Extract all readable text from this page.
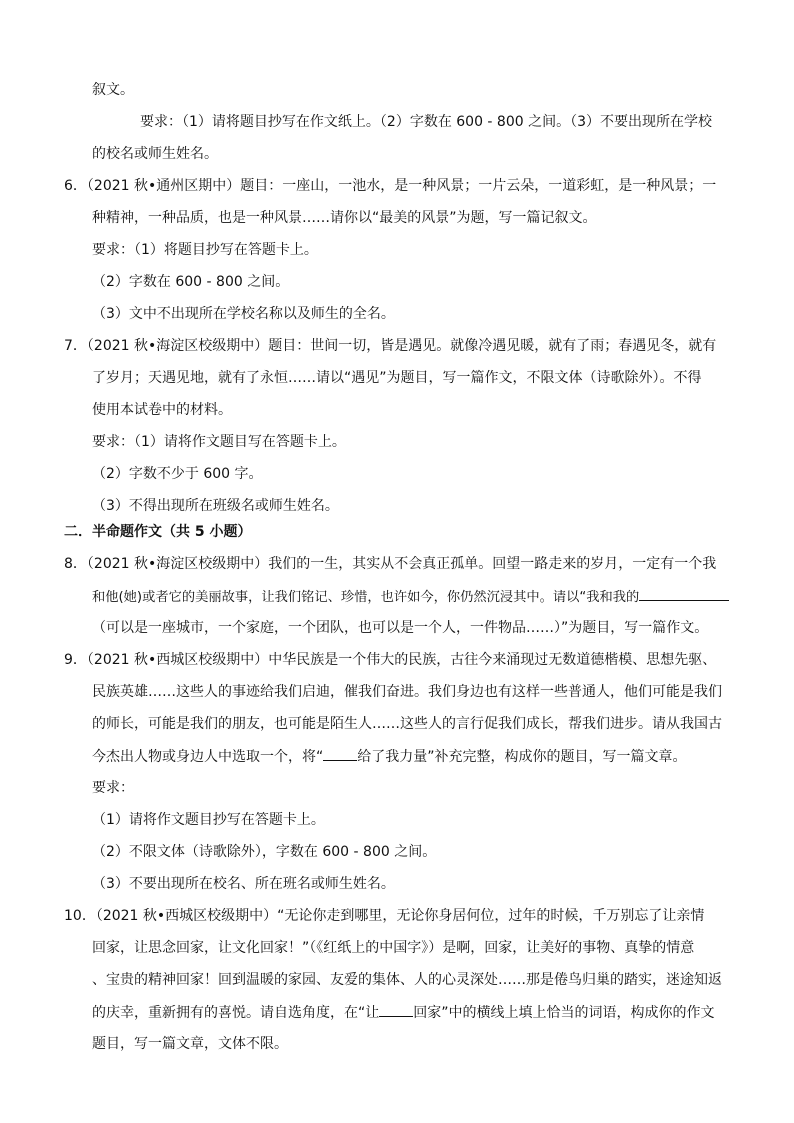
叙文。
要求：（1）请将题目抄写在作文纸上。（2）字数在 600 - 800 之间。（3）不要出现所在学校
的校名或师生姓名。
6．（2021 秋•通州区期中）题目：一座山，一池水，是一种风景；一片云朵，一道彩虹，是一种风景；一
种精神，一种品质，也是一种风景……请你以“最美的风景”为题，写一篇记叙文。
要求：（1）将题目抄写在答题卡上。
（2）字数在 600 - 800 之间。
（3）文中不出现所在学校名称以及师生的全名。
7．（2021 秋•海淀区校级期中）题目：世间一切，皆是遇见。就像冷遇见暖，就有了雨；春遇见冬，就有
了岁月；天遇见地，就有了永恒……请以“遇见”为题目，写一篇作文，不限文体（诗歌除外）。不得
使用本试卷中的材料。
要求：（1）请将作文题目写在答题卡上。
（2）字数不少于 600 字。
（3）不得出现所在班级名或师生姓名。
二．半命题作文（共 5 小题）
8．（2021 秋•海淀区校级期中）我们的一生，其实从不会真正孤单。回望一路走来的岁月，一定有一个我
和他(她)或者它的美丽故事，让我们铭记、珍惜，也许如今，你仍然沉浸其中。请以“我和我的
（可以是一座城市，一个家庭，一个团队，也可以是一个人，一件物品……）”为题目，写一篇作文。
9．（2021 秋•西城区校级期中）中华民族是一个伟大的民族，古往今来涌现过无数道德楷模、思想先驱、
民族英雄……这些人的事迹给我们启迪，催我们奋进。我们身边也有这样一些普通人，他们可能是我们
的师长，可能是我们的朋友，也可能是陌生人……这些人的言行促我们成长，帮我们进步。请从我国古
今杰出人物或身边人中选取一个，将“ 给了我力量”补充完整，构成你的题目，写一篇文章。
要求：
（1）请将作文题目抄写在答题卡上。
（2）不限文体（诗歌除外），字数在 600 - 800 之间。
（3）不要出现所在校名、所在班名或师生姓名。
10．（2021 秋•西城区校级期中）“无论你走到哪里，无论你身居何位，过年的时候，千万别忘了让亲情
回家，让思念回家，让文化回家！”（《红纸上的中国字》）是啊，回家，让美好的事物、真挚的情意
、宝贵的精神回家！回到温暖的家园、友爱的集体、人的心灵深处……那是倦鸟归巢的踏实，迷途知返
的庆幸，重新拥有的喜悦。请自选角度，在“让 回家”中的横线上填上恰当的词语，构成你的作文
题目，写一篇文章，文体不限。
